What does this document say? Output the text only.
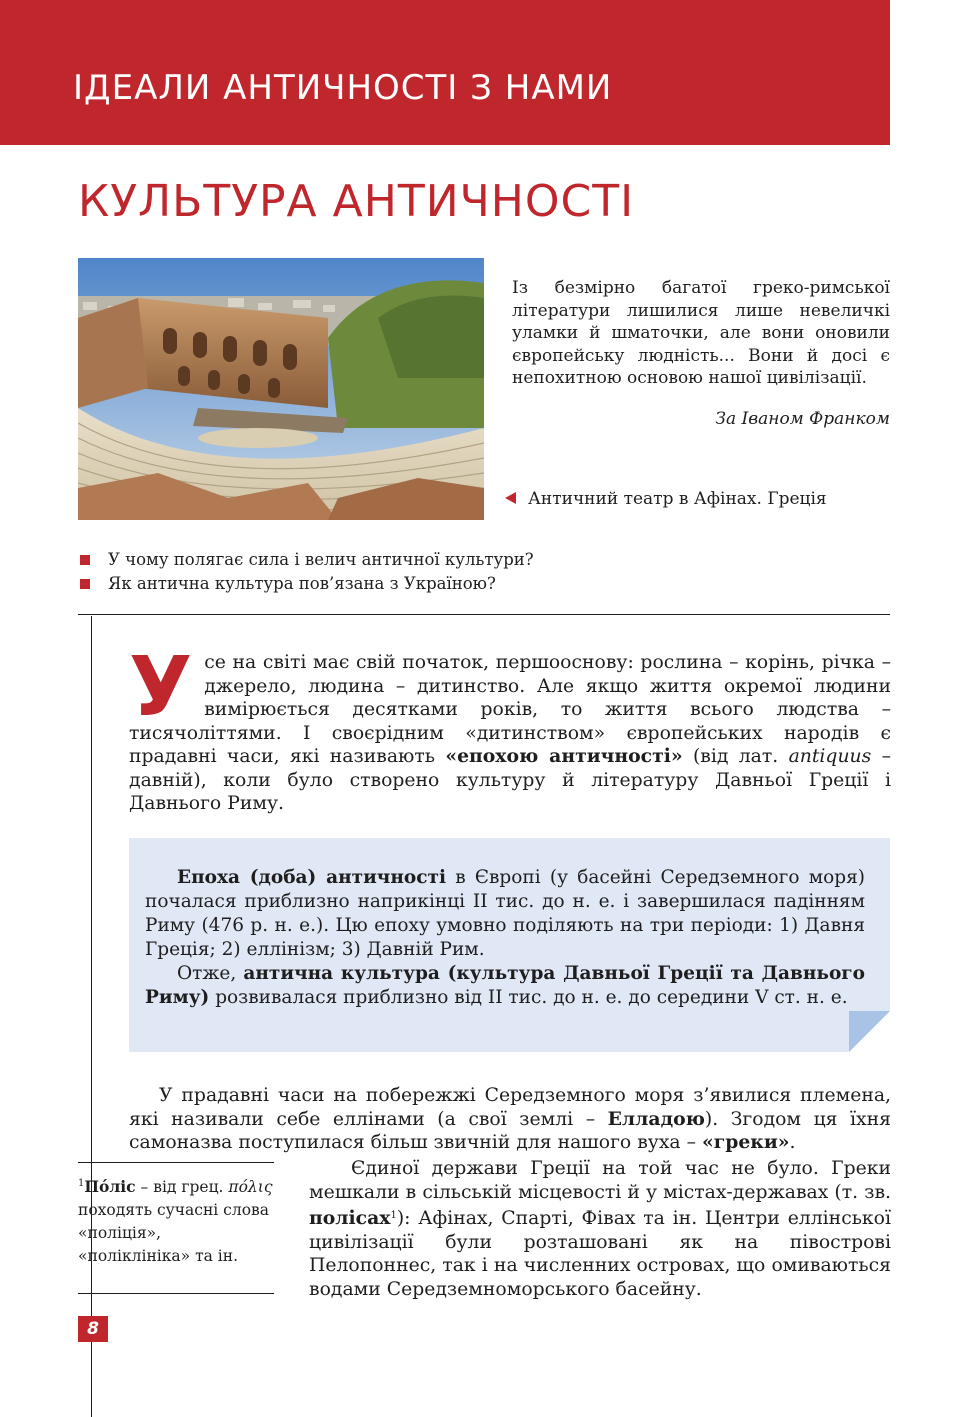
ІДЕАЛИ АНТИЧНОСТІ З НАМИ
КУЛЬТУРА АНТИЧНОСТІ
Із безмірно багатої греко-римської літератури лишилися лише невеличкі уламки й шматочки, але вони оновили європейську людність... Вони й досі є непохитною основою нашої цивілізації.
За Іваном Франком
Античний театр в Афінах. Греція
У чому полягає сила і велич античної культури?
Як антична культура пов’язана з Україною?
Усе на світі має свій початок, першооснову: рослина – корінь, річка – джерело, людина – дитинство. Але якщо життя окремої людини вимірюється десятками років, то життя всього людства – тисячоліттями. І своєрідним «дитинством» європейських народів є прадавні часи, які називають «епохою античності» (від лат. antiquus – давній), коли було створено культуру й літературу Давньої Греції і Давнього Риму.
Епоха (доба) античності в Європі (у басейні Середземного моря) почалася приблизно наприкінці II тис. до н. е. і завершилася падінням Риму (476 р. н. е.). Цю епоху умовно поділяють на три періоди: 1) Давня Греція; 2) еллінізм; 3) Давній Рим.
Отже, антична культура (культура Давньої Греції та Давнього Риму) розвивалася приблизно від II тис. до н. е. до середини V ст. н. е.
У прадавні часи на побережжі Середземного моря з’явилися племена, які називали себе еллінами (а свої землі – Елладою). Згодом ця їхня самоназва поступилася більш звичній для нашого вуха – «греки».
$^1$Пóліс – від грец. πόλις походять сучасні слова «поліція», «поліклініка» та ін.
Єдиної держави Греції на той час не було. Греки мешкали в сільській місцевості й у містах-державах (т. зв. полісах$^1$): Афінах, Спарті, Фівах та ін. Центри еллінської цивілізації були розташовані як на півострові Пелопоннес, так і на численних островах, що омиваються водами Середземноморського басейну.
8
